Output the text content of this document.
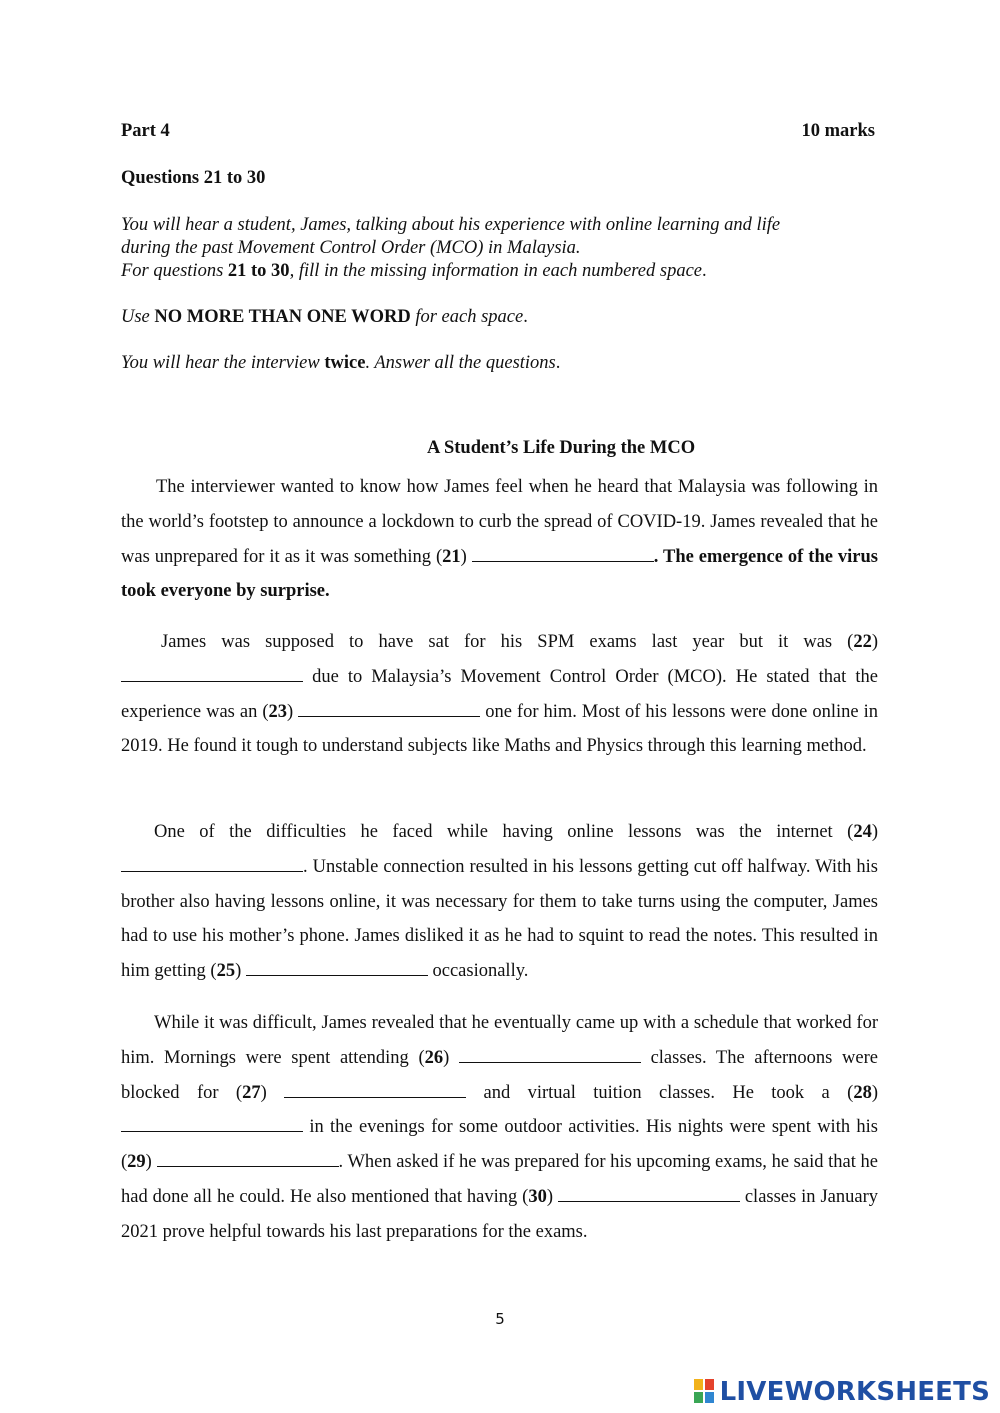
Part 4	10 marks
Questions 21 to 30
You will hear a student, James, talking about his experience with online learning and life
during the past Movement Control Order (MCO) in Malaysia.
For questions 21 to 30, fill in the missing information in each numbered space.
Use NO MORE THAN ONE WORD for each space.
You will hear the interview twice. Answer all the questions.
A Student’s Life During the MCO
The interviewer wanted to know how James feel when he heard that Malaysia was following in the world’s footstep to announce a lockdown to curb the spread of COVID-19. James revealed that he was unprepared for it as it was something (21)	. The emergence of the virus took everyone by surprise.
James was supposed to have sat for his SPM exams last year but it was (22)  due to Malaysia’s Movement Control Order (MCO). He stated that the experience was an (23)	one for him. Most of his lessons were done online in 2019. He found it tough to understand subjects like Maths and Physics through this learning method.
One of the difficulties he faced while having online lessons was the internet (24) . Unstable connection resulted in his lessons getting cut off halfway. With his brother also having lessons online, it was necessary for them to take turns using the computer, James had to use his mother’s phone. James disliked it as he had to squint to read the notes. This resulted in him getting (25)	occasionally.
While it was difficult, James revealed that he eventually came up with a schedule that worked for him. Mornings were spent attending (26)	classes. The afternoons were blocked for (27)	and virtual tuition classes. He took a (28)  in the evenings for some outdoor activities. His nights were spent with his (29)	. When asked if he was prepared for his upcoming exams, he said that he had done all he could. He also mentioned that having (30)	classes in January 2021 prove helpful towards his last preparations for the exams.
5
LIVEWORKSHEETS
